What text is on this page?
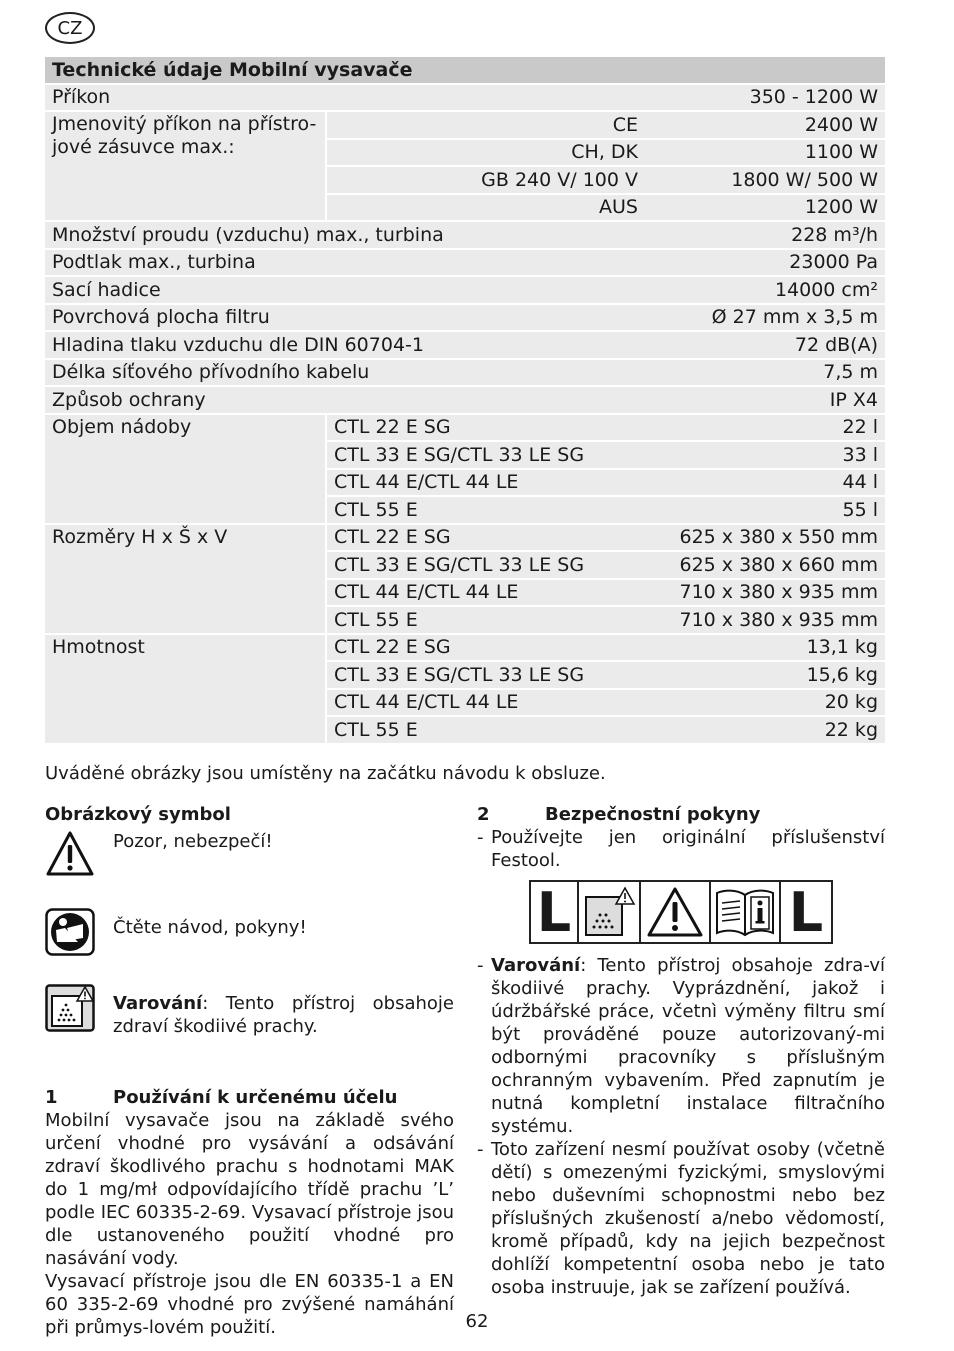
CZ
Technické údaje Mobilní vysavače		
Příkon		350 - 1200 W
Jmenovitý příkon na přístro-jové zásuvce max.:	CE	2400 W
	CH, DK	1100 W
	GB 240 V/ 100 V	1800 W/ 500 W
	AUS	1200 W
Množství proudu (vzduchu) max., turbina		228 m³/h
Podtlak max., turbina		23000 Pa
Sací hadice		14000 cm²
Povrchová plocha filtru		Ø 27 mm x 3,5 m
Hladina tlaku vzduchu dle DIN 60704-1		72 dB(A)
Délka síťového přívodního kabelu		7,5 m
Způsob ochrany		IP X4
Objem nádoby	CTL 22 E SG	22 l
	CTL 33 E SG/CTL 33 LE SG	33 l
	CTL 44 E/CTL 44 LE	44 l
	CTL 55 E	55 l
Rozměry H x Š x V	CTL 22 E SG	625 x 380 x 550 mm
	CTL 33 E SG/CTL 33 LE SG	625 x 380 x 660 mm
	CTL 44 E/CTL 44 LE	710 x 380 x 935 mm
	CTL 55 E	710 x 380 x 935 mm
Hmotnost	CTL 22 E SG	13,1 kg
	CTL 33 E SG/CTL 33 LE SG	15,6 kg
	CTL 44 E/CTL 44 LE	20 kg
	CTL 55 E	22 kg
Uváděné obrázky jsou umístěny na začátku návodu k obsluze.
Obrázkový symbol
Pozor, nebezpečí!
Čtěte návod, pokyny!
Varování: Tento přístroj obsahoje zdraví škodiivé prachy.
1	Používání k určenému účelu
Mobilní vysavače jsou na základě svého určení vhodné pro vysávání a odsávání zdraví škodlivého prachu s hodnotami MAK do 1 mg/mł odpovídajícího třídě prachu ’L’ podle IEC 60335-2-69. Vysavací přístroje jsou dle ustanoveného použití vhodné pro nasávání vody.
Vysavací přístroje jsou dle EN 60335-1 a EN 60 335-2-69 vhodné pro zvýšené namáhání při průmys-lovém použití.
2	Bezpečnostní pokyny
- Používejte jen originální příslušenství Festool.
L	L
- Varování: Tento přístroj obsahoje zdra-ví škodiivé prachy. Vyprázdnění, jakož i údržbářské práce, včetnì výměny filtru smí být prováděné pouze autorizovaný-mi odbornými pracovníky s příslušným ochranným vybavením. Před zapnutím je nutná kompletní instalace filtračního systému.
- Toto zařízení nesmí používat osoby (včetně dětí) s omezenými fyzickými, smyslovými nebo duševními schopnostmi nebo bez příslušných zkušeností a/nebo vědomostí, kromě případů, kdy na jejich bezpečnost dohlíží kompetentní osoba nebo je tato osoba instruuje, jak se zařízení používá.
62
